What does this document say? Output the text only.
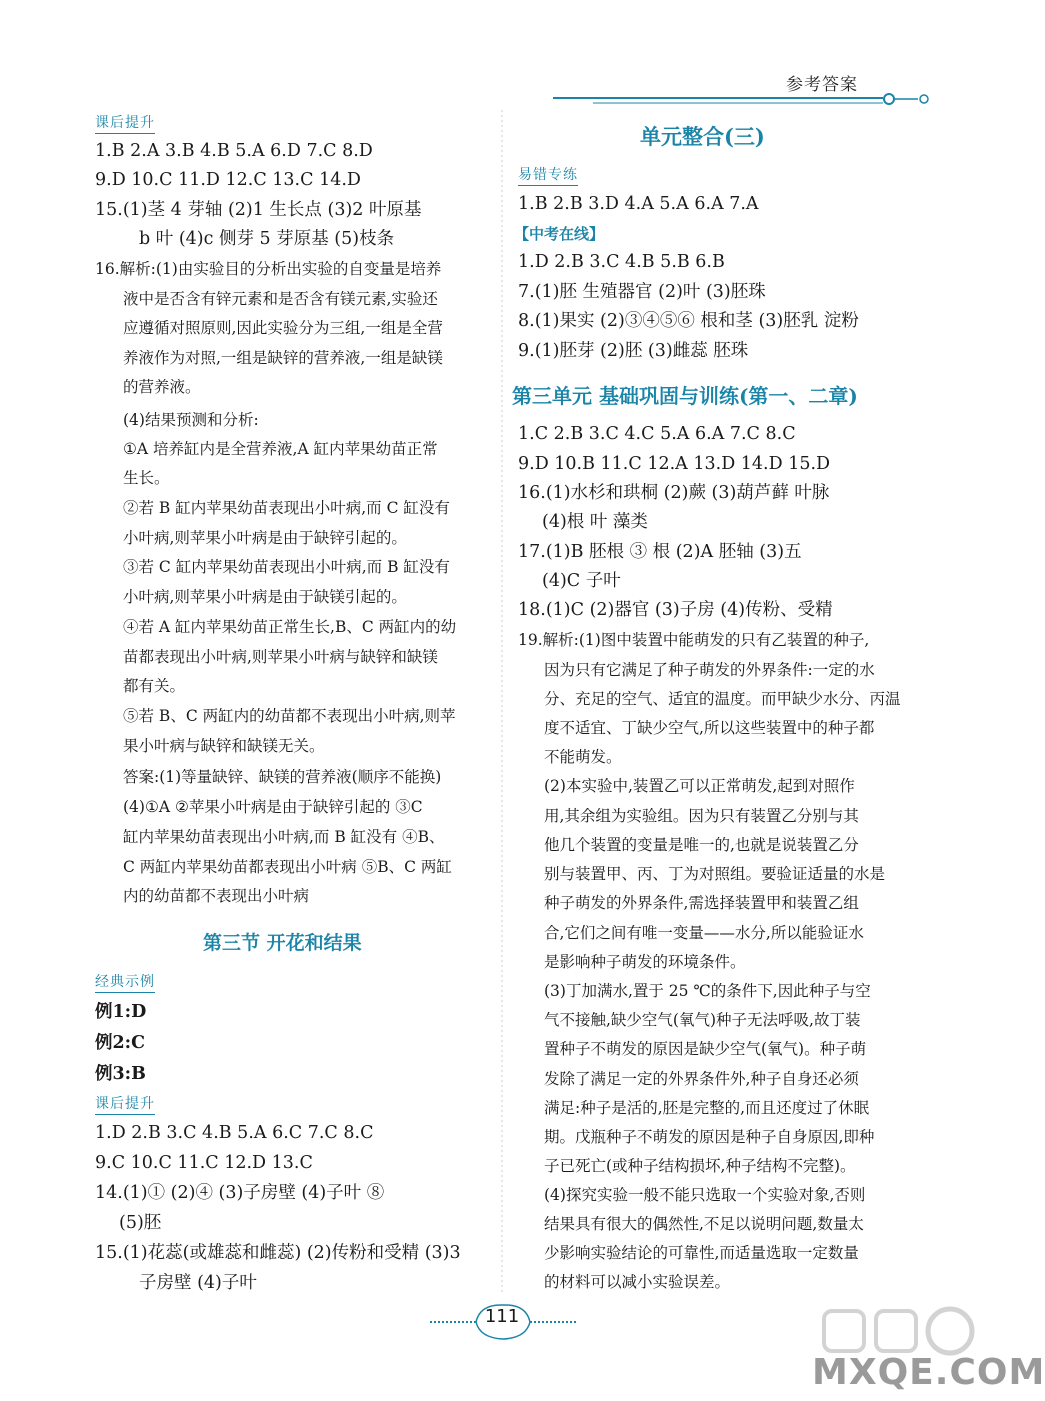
参考答案
课后提升
1.B 2.A 3.B 4.B 5.A 6.D 7.C 8.D
9.D 10.C 11.D 12.C 13.C 14.D
15.(1)茎 4 芽轴 (2)1 生长点 (3)2 叶原基
b 叶 (4)c 侧芽 5 芽原基 (5)枝条
16.解析:(1)由实验目的分析出实验的自变量是培养
液中是否含有锌元素和是否含有镁元素,实验还
应遵循对照原则,因此实验分为三组,一组是全营
养液作为对照,一组是缺锌的营养液,一组是缺镁
的营养液。
(4)结果预测和分析:
①A 培养缸内是全营养液,A 缸内苹果幼苗正常
生长。
②若 B 缸内苹果幼苗表现出小叶病,而 C 缸没有
小叶病,则苹果小叶病是由于缺锌引起的。
③若 C 缸内苹果幼苗表现出小叶病,而 B 缸没有
小叶病,则苹果小叶病是由于缺镁引起的。
④若 A 缸内苹果幼苗正常生长,B、C 两缸内的幼
苗都表现出小叶病,则苹果小叶病与缺锌和缺镁
都有关。
⑤若 B、C 两缸内的幼苗都不表现出小叶病,则苹
果小叶病与缺锌和缺镁无关。
答案:(1)等量缺锌、缺镁的营养液(顺序不能换)
(4)①A ②苹果小叶病是由于缺锌引起的 ③C
缸内苹果幼苗表现出小叶病,而 B 缸没有 ④B、
C 两缸内苹果幼苗都表现出小叶病 ⑤B、C 两缸
内的幼苗都不表现出小叶病
第三节 开花和结果
经典示例
例1:D
例2:C
例3:B
课后提升
1.D 2.B 3.C 4.B 5.A 6.C 7.C 8.C
9.C 10.C 11.C 12.D 13.C
14.(1)① (2)④ (3)子房壁 (4)子叶 ⑧
(5)胚
15.(1)花蕊(或雄蕊和雌蕊) (2)传粉和受精 (3)3
子房壁 (4)子叶
单元整合(三)
易错专练
1.B 2.B 3.D 4.A 5.A 6.A 7.A
【中考在线】
1.D 2.B 3.C 4.B 5.B 6.B
7.(1)胚 生殖器官 (2)叶 (3)胚珠
8.(1)果实 (2)③④⑤⑥ 根和茎 (3)胚乳 淀粉
9.(1)胚芽 (2)胚 (3)雌蕊 胚珠
第三单元 基础巩固与训练(第一、二章)
1.C 2.B 3.C 4.C 5.A 6.A 7.C 8.C
9.D 10.B 11.C 12.A 13.D 14.D 15.D
16.(1)水杉和珙桐 (2)蕨 (3)葫芦藓 叶脉
(4)根 叶 藻类
17.(1)B 胚根 ③ 根 (2)A 胚轴 (3)五
(4)C 子叶
18.(1)C (2)器官 (3)子房 (4)传粉、受精
19.解析:(1)图中装置中能萌发的只有乙装置的种子,
因为只有它满足了种子萌发的外界条件:一定的水
分、充足的空气、适宜的温度。而甲缺少水分、丙温
度不适宜、丁缺少空气,所以这些装置中的种子都
不能萌发。
(2)本实验中,装置乙可以正常萌发,起到对照作
用,其余组为实验组。因为只有装置乙分别与其
他几个装置的变量是唯一的,也就是说装置乙分
别与装置甲、丙、丁为对照组。要验证适量的水是
种子萌发的外界条件,需选择装置甲和装置乙组
合,它们之间有唯一变量——水分,所以能验证水
是影响种子萌发的环境条件。
(3)丁加满水,置于 25 ℃的条件下,因此种子与空
气不接触,缺少空气(氧气)种子无法呼吸,故丁装
置种子不萌发的原因是缺少空气(氧气)。种子萌
发除了满足一定的外界条件外,种子自身还必须
满足:种子是活的,胚是完整的,而且还度过了休眠
期。戊瓶种子不萌发的原因是种子自身原因,即种
子已死亡(或种子结构损坏,种子结构不完整)。
(4)探究实验一般不能只选取一个实验对象,否则
结果具有很大的偶然性,不足以说明问题,数量太
少影响实验结论的可靠性,而适量选取一定数量
的材料可以减小实验误差。
111
MXQE.COM
